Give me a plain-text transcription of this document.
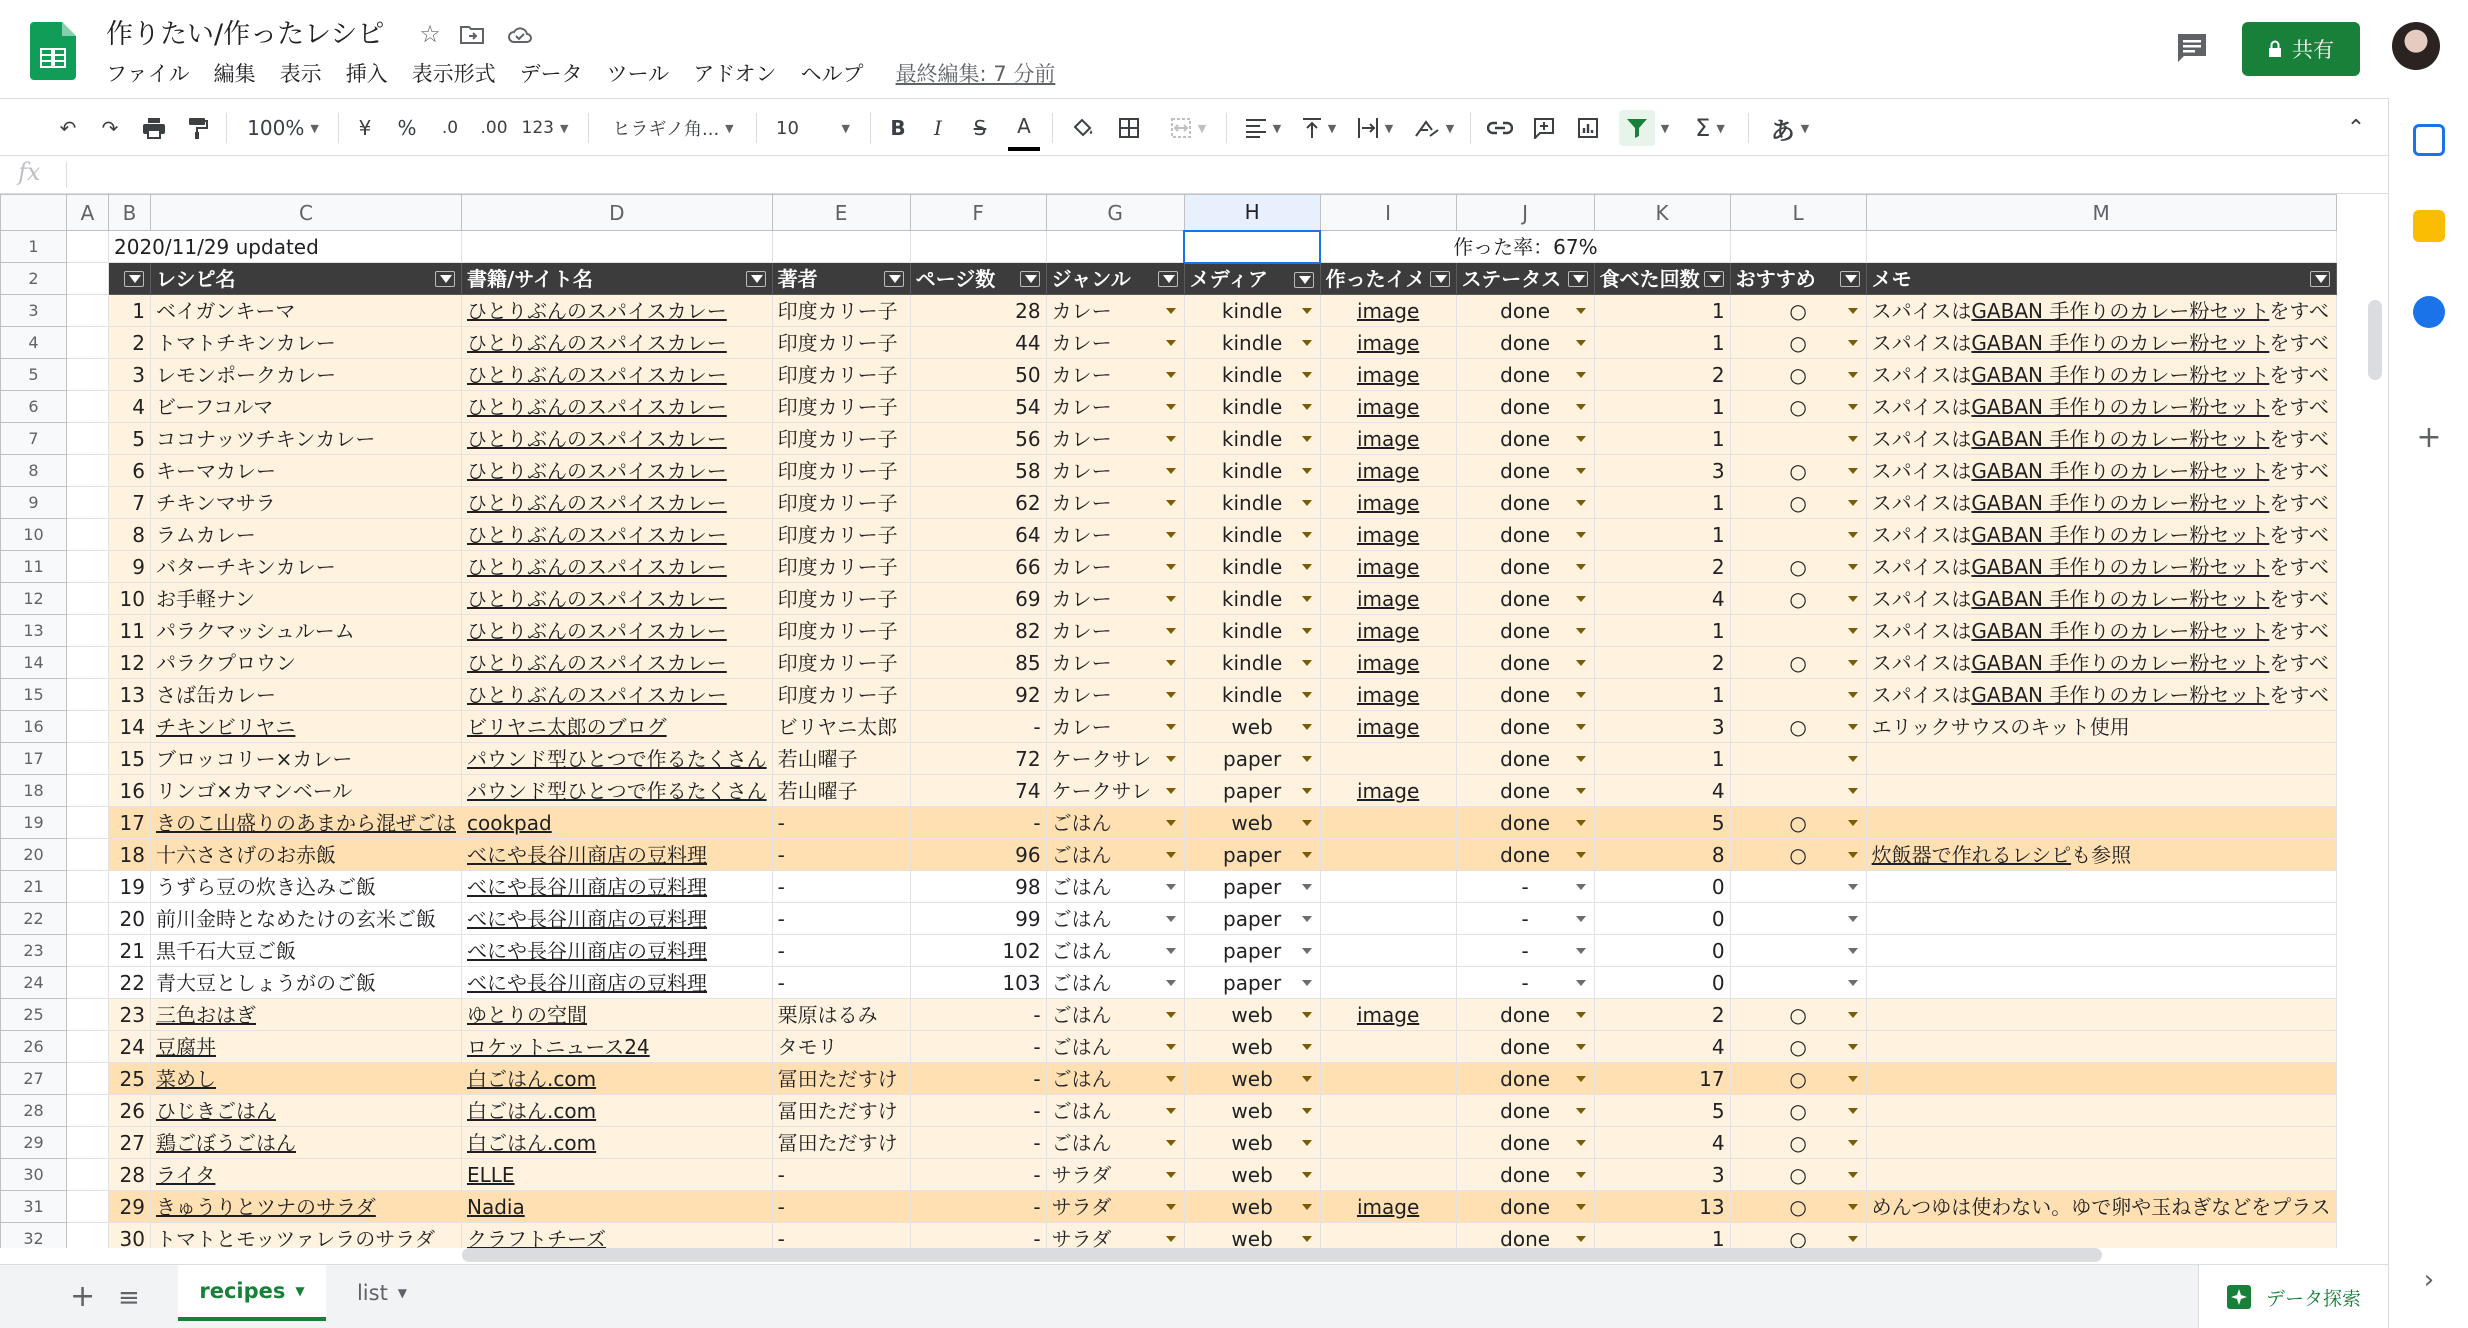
作りたい/作ったレシピ ☆
ファイル 編集 表示 挿入 表示形式 データ ツール アドオン ヘルプ 最終編集: 7 分前
共有
↶	↷	100% ▼	¥	%	.0	.00 123 ▼ ヒラギノ角... ▼ 10	▼	B	I	S	A	▼	▼	▼	▼	▼	▼ Σ ▼ あ ▼	⌃
fx
	A	B	C	D	E	F	G	H	I	J	K	L	M
1		2020/11/29 updated							作った率：67%				
2			レシピ名	書籍/サイト名	著者	ページ数	ジャンル	メディア	作ったイメ	ステータス	食べた回数	おすすめ	メモ

3		1	ベイガンキーマ	ひとりぶんのスパイスカレー	印度カリー子	28	カレー	kindle	image	done	1	○	スパイスはGABAN 手作りのカレー粉セットをすべ
4		2	トマトチキンカレー	ひとりぶんのスパイスカレー	印度カリー子	44	カレー	kindle	image	done	1	○	スパイスはGABAN 手作りのカレー粉セットをすべ
5		3	レモンポークカレー	ひとりぶんのスパイスカレー	印度カリー子	50	カレー	kindle	image	done	2	○	スパイスはGABAN 手作りのカレー粉セットをすべ
6		4	ビーフコルマ	ひとりぶんのスパイスカレー	印度カリー子	54	カレー	kindle	image	done	1	○	スパイスはGABAN 手作りのカレー粉セットをすべ
7		5	ココナッツチキンカレー	ひとりぶんのスパイスカレー	印度カリー子	56	カレー	kindle	image	done	1		スパイスはGABAN 手作りのカレー粉セットをすべ
8		6	キーマカレー	ひとりぶんのスパイスカレー	印度カリー子	58	カレー	kindle	image	done	3	○	スパイスはGABAN 手作りのカレー粉セットをすべ
9		7	チキンマサラ	ひとりぶんのスパイスカレー	印度カリー子	62	カレー	kindle	image	done	1	○	スパイスはGABAN 手作りのカレー粉セットをすべ
10		8	ラムカレー	ひとりぶんのスパイスカレー	印度カリー子	64	カレー	kindle	image	done	1		スパイスはGABAN 手作りのカレー粉セットをすべ
11		9	バターチキンカレー	ひとりぶんのスパイスカレー	印度カリー子	66	カレー	kindle	image	done	2	○	スパイスはGABAN 手作りのカレー粉セットをすべ
12		10	お手軽ナン	ひとりぶんのスパイスカレー	印度カリー子	69	カレー	kindle	image	done	4	○	スパイスはGABAN 手作りのカレー粉セットをすべ
13		11	パラクマッシュルーム	ひとりぶんのスパイスカレー	印度カリー子	82	カレー	kindle	image	done	1		スパイスはGABAN 手作りのカレー粉セットをすべ
14		12	パラクプロウン	ひとりぶんのスパイスカレー	印度カリー子	85	カレー	kindle	image	done	2	○	スパイスはGABAN 手作りのカレー粉セットをすべ
15		13	さば缶カレー	ひとりぶんのスパイスカレー	印度カリー子	92	カレー	kindle	image	done	1		スパイスはGABAN 手作りのカレー粉セットをすべ
16		14	チキンビリヤニ	ビリヤニ太郎のブログ	ビリヤニ太郎	-	カレー	web	image	done	3	○	エリックサウスのキット使用
17		15	ブロッコリー×カレー	パウンド型ひとつで作るたくさん	若山曜子	72	ケークサレ	paper		done	1		
18		16	リンゴ×カマンベール	パウンド型ひとつで作るたくさん	若山曜子	74	ケークサレ	paper	image	done	4		
19		17	きのこ山盛りのあまから混ぜごは	cookpad	-	-	ごはん	web		done	5	○	
20		18	十六ささげのお赤飯	べにや長谷川商店の豆料理	-	96	ごはん	paper		done	8	○	炊飯器で作れるレシピも参照
21		19	うずら豆の炊き込みご飯	べにや長谷川商店の豆料理	-	98	ごはん	paper		-	0		
22		20	前川金時となめたけの玄米ご飯	べにや長谷川商店の豆料理	-	99	ごはん	paper		-	0		
23		21	黒千石大豆ご飯	べにや長谷川商店の豆料理	-	102	ごはん	paper		-	0		
24		22	青大豆としょうがのご飯	べにや長谷川商店の豆料理	-	103	ごはん	paper		-	0		
25		23	三色おはぎ	ゆとりの空間	栗原はるみ	-	ごはん	web	image	done	2	○	
26		24	豆腐丼	ロケットニュース24	タモリ	-	ごはん	web		done	4	○	
27		25	菜めし	白ごはん.com	冨田ただすけ	-	ごはん	web		done	17	○	
28		26	ひじきごはん	白ごはん.com	冨田ただすけ	-	ごはん	web		done	5	○	
29		27	鶏ごぼうごはん	白ごはん.com	冨田ただすけ	-	ごはん	web		done	4	○	
30		28	ライタ	ELLE	-	-	サラダ	web		done	3	○	
31		29	きゅうりとツナのサラダ	Nadia	-	-	サラダ	web	image	done	13	○	めんつゆは使わない。ゆで卵や玉ねぎなどをプラス
32		30	トマトとモッツァレラのサラダ	クラフトチーズ	-	-	サラダ	web		done	1	○	
+
›
+ ≡	recipes ▼ list ▼	データ探索
